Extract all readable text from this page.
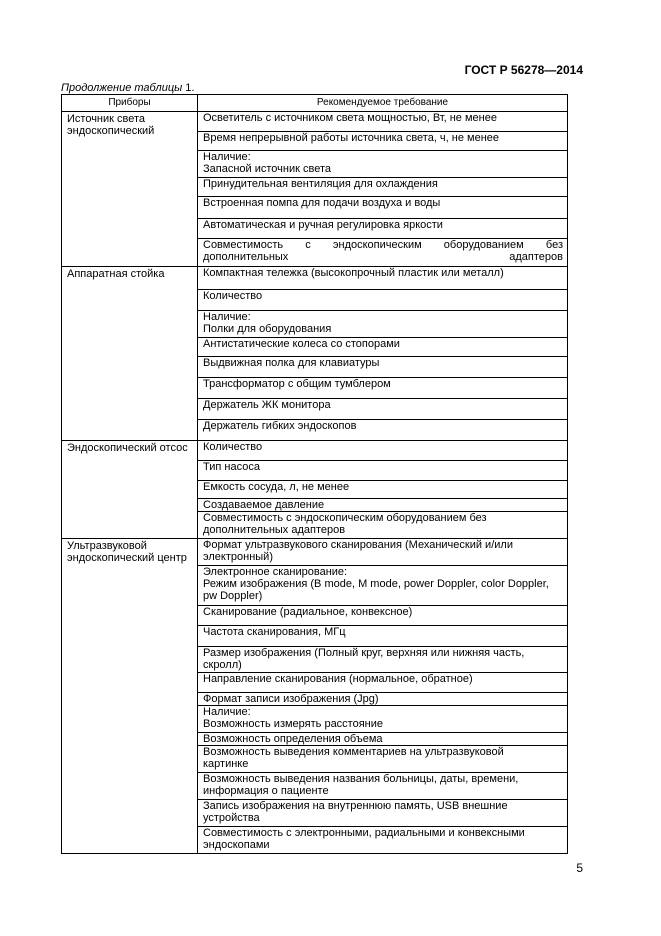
ГОСТ Р 56278—2014
Продолжение таблицы 1.
Приборы	Рекомендуемое требование
Источник света эндоскопический	Осветитель с источником света мощностью, Вт, не менее

	Время непрерывной работы источника света, ч, не менее

	Наличие:
Запасной источник света

	Принудительная вентиляция для охлаждения

	Встроенная помпа для подачи воздуха и воды

	Автоматическая и ручная регулировка яркости

	Совместимость с эндоскопическим оборудованием без
дополнительных адаптеров

Аппаратная стойка	Компактная тележка (высокопрочный пластик или металл)

	Количество

	Наличие:
Полки для оборудования

	Антистатические колеса со стопорами

	Выдвижная полка для клавиатуры

	Трансформатор с общим тумблером

	Держатель ЖК монитора

	Держатель гибких эндоскопов

Эндоскопический отсос	Количество

	Тип насоса

	Емкость сосуда, л, не менее

	Создаваемое давление

	Совместимость с эндоскопическим оборудованием без
дополнительных адаптеров

Ультразвуковой эндоскопический центр	Формат ультразвукового сканирования (Механический и/или
электронный)

	Электронное сканирование:
Режим изображения (B mode, M mode, power Doppler, color Doppler,
pw Doppler)

	Сканирование (радиальное, конвексное)

	Частота сканирования, МГц

	Размер изображения (Полный круг, верхняя или нижняя часть,
скролл)

	Направление сканирования (нормальное, обратное)

	Формат записи изображения (Jpg)

	Наличие:
Возможность измерять расстояние

	Возможность определения объема

	Возможность выведения комментариев на ультразвуковой
картинке

	Возможность выведения названия больницы, даты, времени,
информация о пациенте

	Запись изображения на внутреннюю память, USB внешние
устройства

	Совместимость с электронными, радиальными и конвексными
эндоскопами
5
